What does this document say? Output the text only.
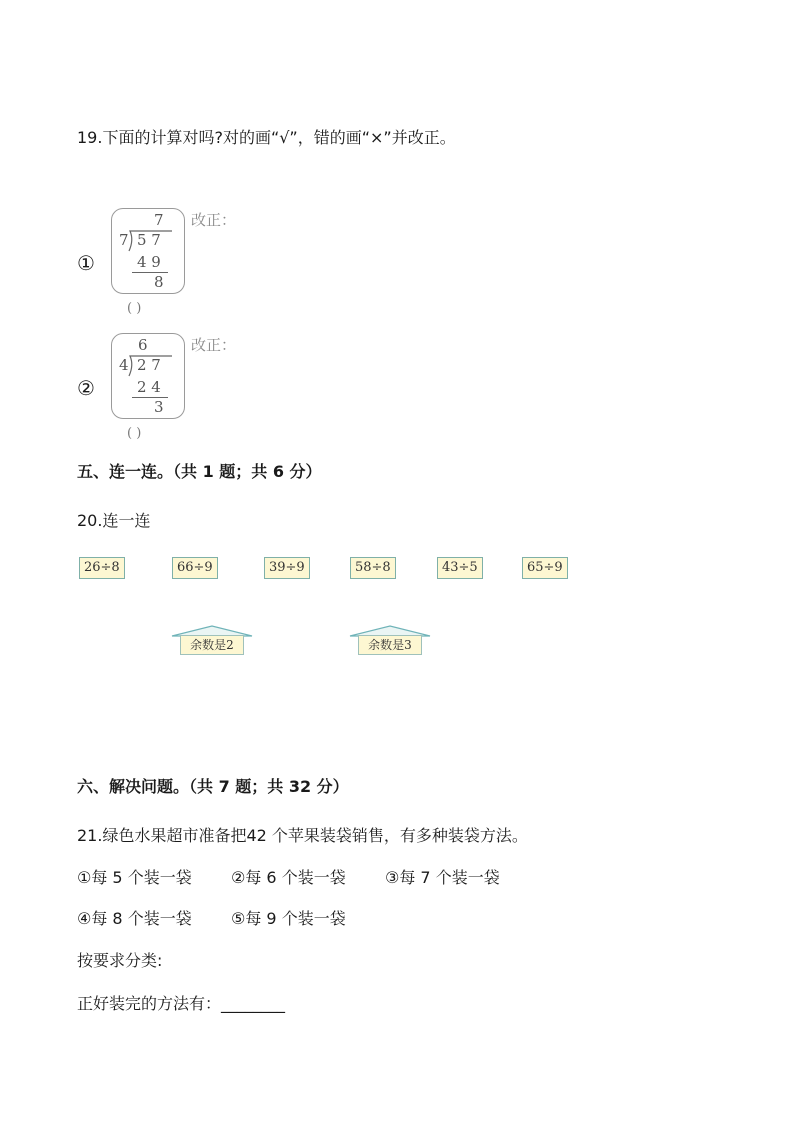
19.下面的计算对吗?对的画“√”，错的画“×”并改正。
①
7
7 5 7
4 9
8
改正：
( )
②
6
4 2 7
2 4
3
改正：
( )
五、连一连。（共 1 题；共 6 分）
20.连一连
26÷8	66÷9	39÷9	58÷8	43÷5	65÷9
余数是2	余数是3
六、解决问题。（共 7 题；共 32 分）
21.绿色水果超市准备把42 个苹果装袋销售，有多种装袋方法。
①每 5 个装一袋 ②每 6 个装一袋 ③每 7 个装一袋
④每 8 个装一袋 ⑤每 9 个装一袋
按要求分类:
正好装完的方法有：________
